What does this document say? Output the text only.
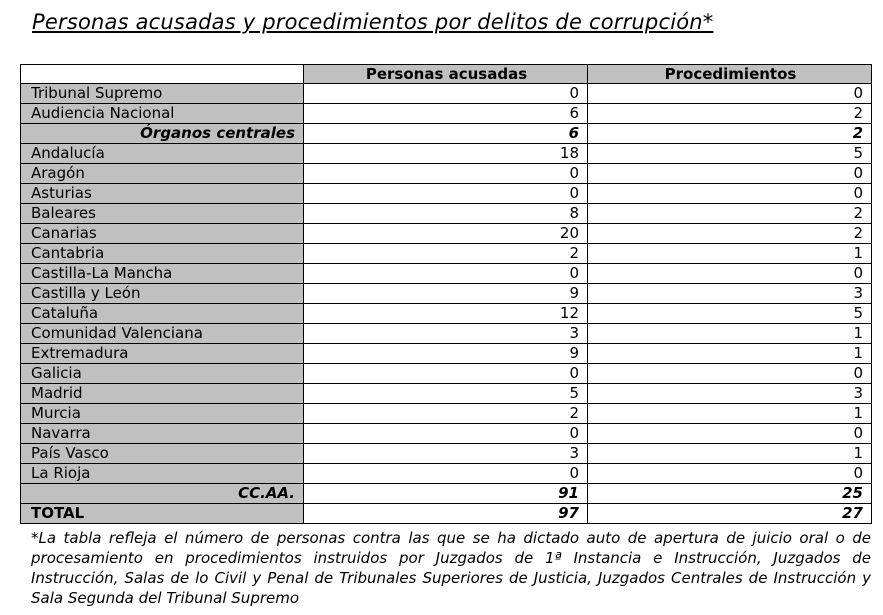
Personas acusadas y procedimientos por delitos de corrupción*
	Personas acusadas	Procedimientos
Tribunal Supremo	0	0
Audiencia Nacional	6	2
Órganos centrales	6	2
Andalucía	18	5
Aragón	0	0
Asturias	0	0
Baleares	8	2
Canarias	20	2
Cantabria	2	1
Castilla-La Mancha	0	0
Castilla y León	9	3
Cataluña	12	5
Comunidad Valenciana	3	1
Extremadura	9	1
Galicia	0	0
Madrid	5	3
Murcia	2	1
Navarra	0	0
País Vasco	3	1
La Rioja	0	0
CC.AA.	91	25
TOTAL	97	27
*La tabla refleja el número de personas contra las que se ha dictado auto de apertura de juicio oral o de procesamiento en procedimientos instruidos por Juzgados de 1ª Instancia e Instrucción, Juzgados de Instrucción, Salas de lo Civil y Penal de Tribunales Superiores de Justicia, Juzgados Centrales de Instrucción y Sala Segunda del Tribunal Supremo
